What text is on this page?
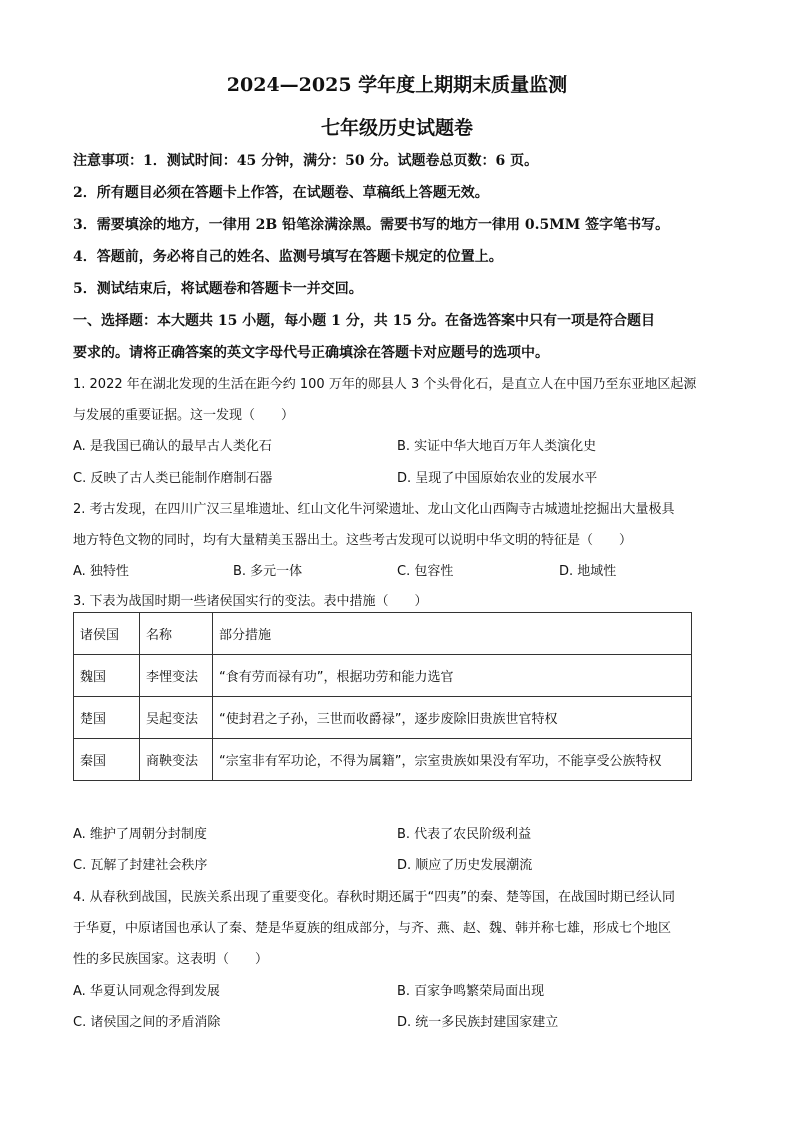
2024—2025 学年度上期期末质量监测
七年级历史试题卷
注意事项：1．测试时间：45 分钟，满分：50 分。试题卷总页数：6 页。
2．所有题目必须在答题卡上作答，在试题卷、草稿纸上答题无效。
3．需要填涂的地方，一律用 2B 铅笔涂满涂黑。需要书写的地方一律用 0.5MM 签字笔书写。
4．答题前，务必将自己的姓名、监测号填写在答题卡规定的位置上。
5．测试结束后，将试题卷和答题卡一并交回。
一、选择题：本大题共 15 小题，每小题 1 分，共 15 分。在备选答案中只有一项是符合题目
要求的。请将正确答案的英文字母代号正确填涂在答题卡对应题号的选项中。
1. 2022 年在湖北发现的生活在距今约 100 万年的郧县人 3 个头骨化石，是直立人在中国乃至东亚地区起源
与发展的重要证据。这一发现（　　）
A. 是我国已确认的最早古人类化石	B. 实证中华大地百万年人类演化史
C. 反映了古人类已能制作磨制石器	D. 呈现了中国原始农业的发展水平
2. 考古发现，在四川广汉三星堆遗址、红山文化牛河梁遗址、龙山文化山西陶寺古城遗址挖掘出大量极具
地方特色文物的同时，均有大量精美玉器出土。这些考古发现可以说明中华文明的特征是（　　）
A. 独特性	B. 多元一体	C. 包容性	D. 地域性
3. 下表为战国时期一些诸侯国实行的变法。表中措施（　　）
诸侯国	名称	部分措施
魏国	李悝变法	“食有劳而禄有功”，根据功劳和能力选官
楚国	吴起变法	“使封君之子孙，三世而收爵禄”，逐步废除旧贵族世官特权
秦国	商鞅变法	“宗室非有军功论，不得为属籍”，宗室贵族如果没有军功，不能享受公族特权
A. 维护了周朝分封制度	B. 代表了农民阶级利益
C. 瓦解了封建社会秩序	D. 顺应了历史发展潮流
4. 从春秋到战国，民族关系出现了重要变化。春秋时期还属于“四夷”的秦、楚等国，在战国时期已经认同
于华夏，中原诸国也承认了秦、楚是华夏族的组成部分，与齐、燕、赵、魏、韩并称七雄，形成七个地区
性的多民族国家。这表明（　　）
A. 华夏认同观念得到发展	B. 百家争鸣繁荣局面出现
C. 诸侯国之间的矛盾消除	D. 统一多民族封建国家建立
